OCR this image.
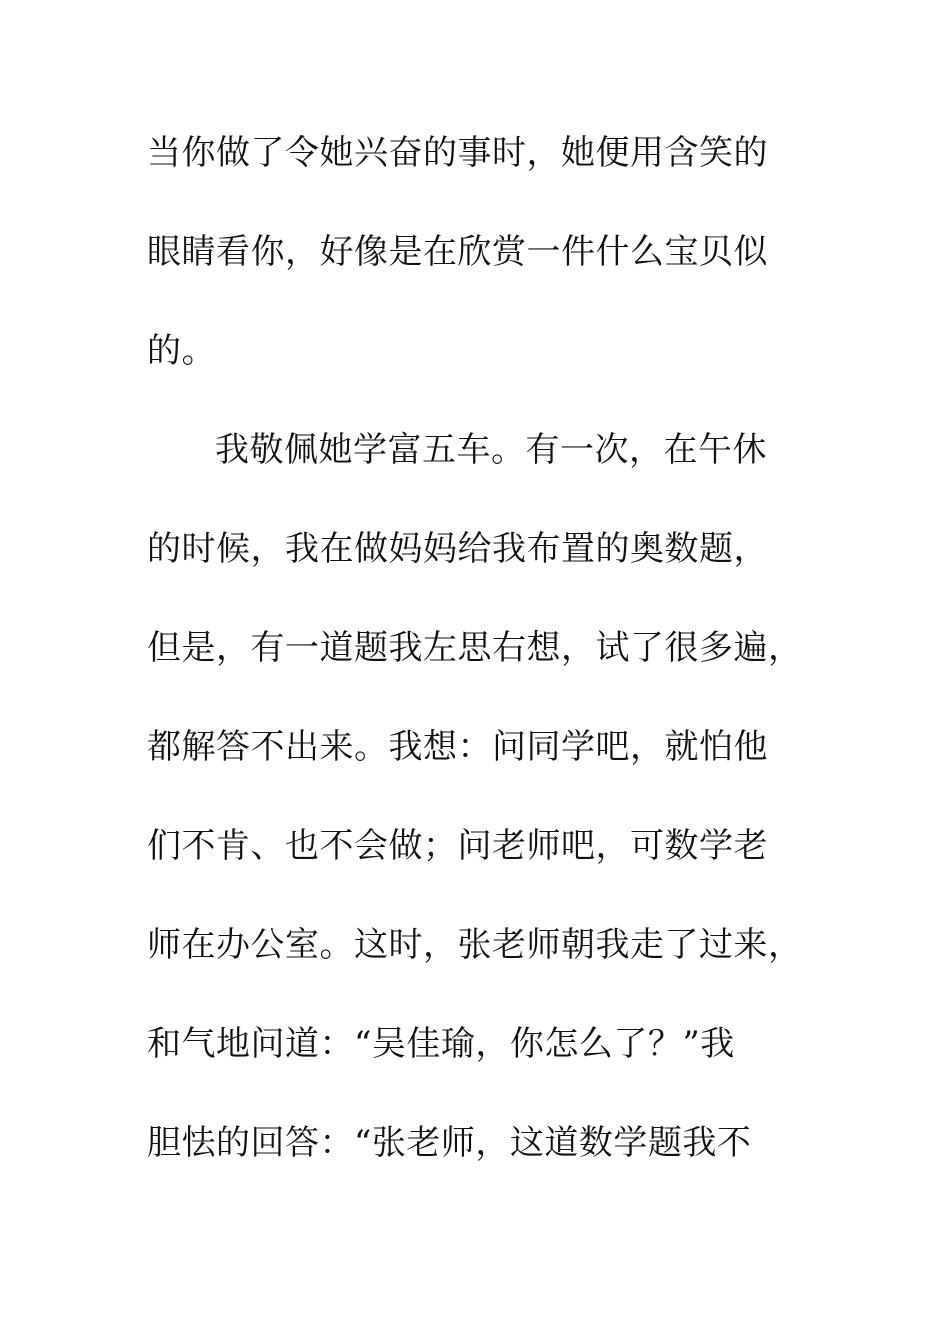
当你做了令她兴奋的事时，她便用含笑的
眼睛看你，好像是在欣赏一件什么宝贝似
的。
我敬佩她学富五车。有一次，在午休
的时候，我在做妈妈给我布置的奥数题，
但是，有一道题我左思右想，试了很多遍，
都解答不出来。我想：问同学吧，就怕他
们不肯、也不会做；问老师吧，可数学老
师在办公室。这时，张老师朝我走了过来，
和气地问道：“吴佳瑜，你怎么了？”我
胆怯的回答：“张老师，这道数学题我不
